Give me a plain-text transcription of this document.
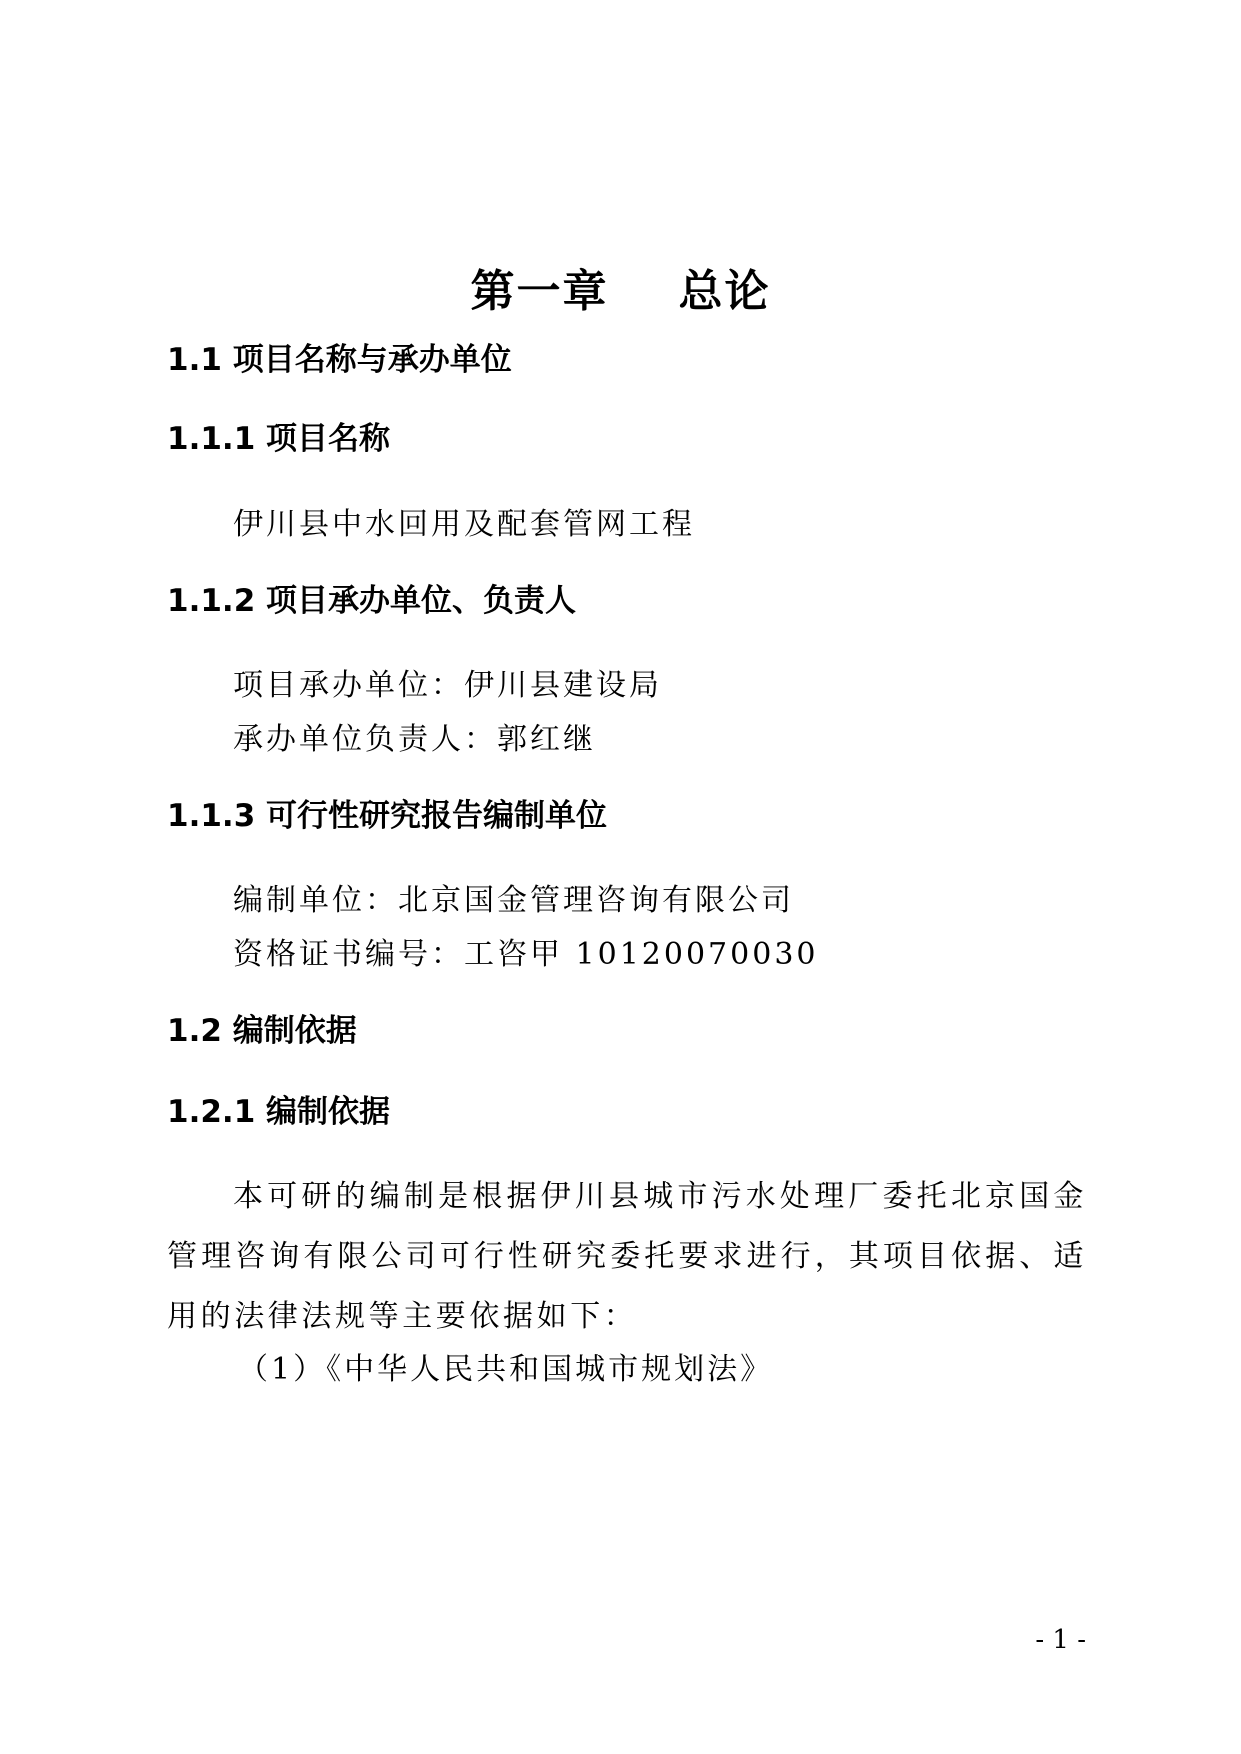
第一章 总论
1.1 项目名称与承办单位
1.1.1 项目名称
伊川县中水回用及配套管网工程
1.1.2 项目承办单位、负责人
项目承办单位：伊川县建设局
承办单位负责人：郭红继
1.1.3 可行性研究报告编制单位
编制单位：北京国金管理咨询有限公司
资格证书编号：工咨甲 10120070030
1.2 编制依据
1.2.1 编制依据
本可研的编制是根据伊川县城市污水处理厂委托北京国金管理咨询有限公司可行性研究委托要求进行，其项目依据、适用的法律法规等主要依据如下：
（1）《中华人民共和国城市规划法》
- 1 -
